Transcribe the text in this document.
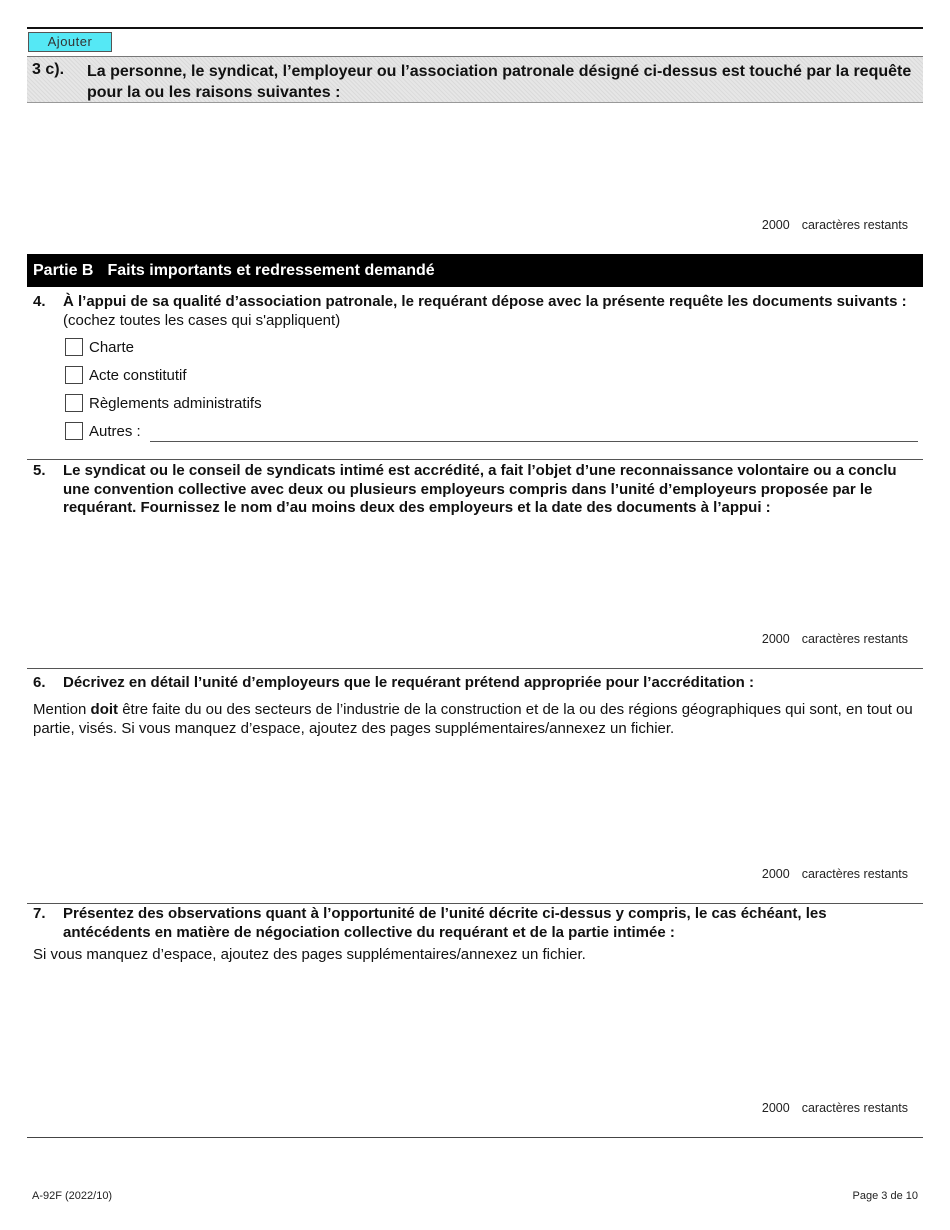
Ajouter
3 c). La personne, le syndicat, l’employeur ou l’association patronale désigné ci-dessus est touché par la requête pour la ou les raisons suivantes :
2000 caractères restants
Partie B Faits importants et redressement demandé
4. À l’appui de sa qualité d’association patronale, le requérant dépose avec la présente requête les documents suivants : (cochez toutes les cases qui s'appliquent)
Charte
Acte constitutif
Règlements administratifs
Autres :
5. Le syndicat ou le conseil de syndicats intimé est accrédité, a fait l’objet d’une reconnaissance volontaire ou a conclu une convention collective avec deux ou plusieurs employeurs compris dans l’unité d’employeurs proposée par le requérant. Fournissez le nom d’au moins deux des employeurs et la date des documents à l’appui :
2000 caractères restants
6. Décrivez en détail l’unité d’employeurs que le requérant prétend appropriée pour l’accréditation :
Mention doit être faite du ou des secteurs de l’industrie de la construction et de la ou des régions géographiques qui sont, en tout ou partie, visés. Si vous manquez d’espace, ajoutez des pages supplémentaires/annexez un fichier.
2000 caractères restants
7. Présentez des observations quant à l’opportunité de l’unité décrite ci-dessus y compris, le cas échéant, les antécédents en matière de négociation collective du requérant et de la partie intimée :
Si vous manquez d’espace, ajoutez des pages supplémentaires/annexez un fichier.
2000 caractères restants
A-92F (2022/10)	Page 3 de 10
